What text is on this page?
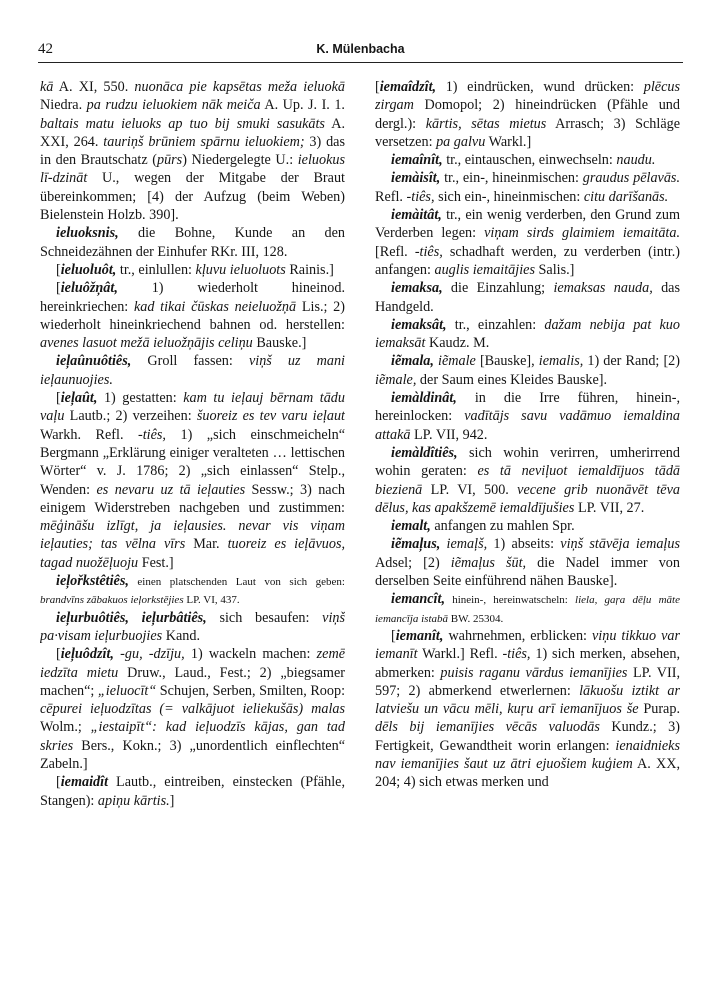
42	K. Mülenbacha

kā A. XI, 550. nuonāca pie kapsētas meža ieluokā Niedra. pa rudzu ieluokiem nāk meiča A. Up. J. I. 1. baltais matu ieluoks ap tuo bij smuki sasukāts A. XXI, 264. tauriņš brūniem spārnu ieluokiem; 3) das in den Brautschatz (pūrs) Niedergelegte U.: ieluokus lī-dzināt U., wegen der Mitgabe der Braut übereinkommen; [4) der Aufzug (beim Weben) Bielenstein Holzb. 390].

ieluoksnis, die Bohne, Kunde an den Schneidezähnen der Einhufer RKr. III, 128.

[ieluoluôt, tr., einlullen: kļuvu ieluoluots Rainis.]

[ieluôžņât, 1) wiederholt hineinod. hereinkriechen: kad tikai čūskas neieluožņā Lis.; 2) wiederholt hineinkriechend bahnen od. herstellen: avenes lasuot mežā ieluožņājis celiņu Bauske.]

ieļaûnuôtiês, Groll fassen: viņš uz mani ieļaunuojies.

[ieļaût, 1) gestatten: kam tu ieļauj bērnam tādu vaļu Lautb.; 2) verzeihen: šuoreiz es tev varu ieļaut Warkh. Refl. -tiês, 1) „sich einschmeicheln“ Bergmann „Erklärung einiger veralteten … lettischen Wörter“ v. J. 1786; 2) „sich einlassen“ Stelp., Wenden: es nevaru uz tā ieļauties Sessw.; 3) nach einigem Widerstreben nachgeben und zustimmen: mēģināšu izlīgt, ja ieļausies. nevar vis viņam ieļauties; tas vēlna vīrs Mar. tuoreiz es ieļāvuos, tagad nuožēļuoju Fest.]

ieļořkstêtiês, einen platschenden Laut von sich geben: brandvīns zābakuos ieļorkstējies LP. VI, 437.

ieļurbuôtiês, ieļurbâtiês, sich besaufen: viņš pa·visam ieļurbuojies Kand.

[ieļuôdzît, -gu, -dzīju, 1) wackeln machen: zemē iedzīta mietu Druw., Laud., Fest.; 2) „biegsamer machen“; „ieluocīt“ Schujen, Serben, Smilten, Roop: cēpurei ieļuodzītas (= valkājuot ieliekušās) malas Wolm.; „iestaipīt“: kad ieļuodzīs kājas, gan tad skries Bers., Kokn.; 3) „unordentlich einflechten“ Zabeln.]

[iemaidît Lautb., eintreiben, einstecken (Pfähle, Stangen): apiņu kārtis.]

[iemaîdzît, 1) eindrücken, wund drücken: plēcus zirgam Domopol; 2) hineindrücken (Pfähle und dergl.): kārtis, sētas mietus Arrasch; 3) Schläge versetzen: pa galvu Warkl.]

iemaînît, tr., eintauschen, einwechseln: naudu.

iemàisît, tr., ein-, hineinmischen: graudus pēlavās. Refl. -tiês, sich ein-, hineinmischen: citu darīšanās.

iemàitât, tr., ein wenig verderben, den Grund zum Verderben legen: viņam sirds glaimiem iemaitāta. [Refl. -tiês, schadhaft werden, zu verderben (intr.) anfangen: auglis iemaitājies Salis.]

iemaksa, die Einzahlung; iemaksas nauda, das Handgeld.

iemaksât, tr., einzahlen: dažam nebija pat kuo iemaksāt Kaudz. M.

iẽmala, iẽmale [Bauske], iemalis, 1) der Rand; [2) iẽmale, der Saum eines Kleides Bauske].

iemàldinât, in die Irre führen, hinein-, hereinlocken: vadītājs savu vadāmuo iemaldina attakā LP. VII, 942.

iemàldîtiês, sich wohin verirren, umherirrend wohin geraten: es tā neviļuot iemaldījuos tādā biezienā LP. VI, 500. vecene grib nuonāvēt tēva dēlus, kas apakšzemē iemaldījušies LP. VII, 27.

iemalt, anfangen zu mahlen Spr.

iẽmaļus, iemaļš, 1) abseits: viņš stāvēja iemaļus Adsel; [2) iẽmaļus šūt, die Nadel immer von derselben Seite einführend nähen Bauske].

iemancît, hinein-, hereinwatscheln: liela, gaŗa dēļu māte iemancīja istabā BW. 25304.

[iemanît, wahrnehmen, erblicken: viņu tikkuo var iemanīt Warkl.] Refl. -tiês, 1) sich merken, absehen, abmerken: puisis raganu vārdus iemanījies LP. VII, 597; 2) abmerkend etwerlernen: lākuošu iztikt ar latviešu un vācu mēli, kuŗu arī iemanījuos še Purap. dēls bij iemanījies vēcās valuodās Kundz.; 3) Fertigkeit, Gewandtheit worin erlangen: ienaidnieks nav iemanījies šaut uz ātri ejuošiem kuģiem A. XX, 204; 4) sich etwas merken und
